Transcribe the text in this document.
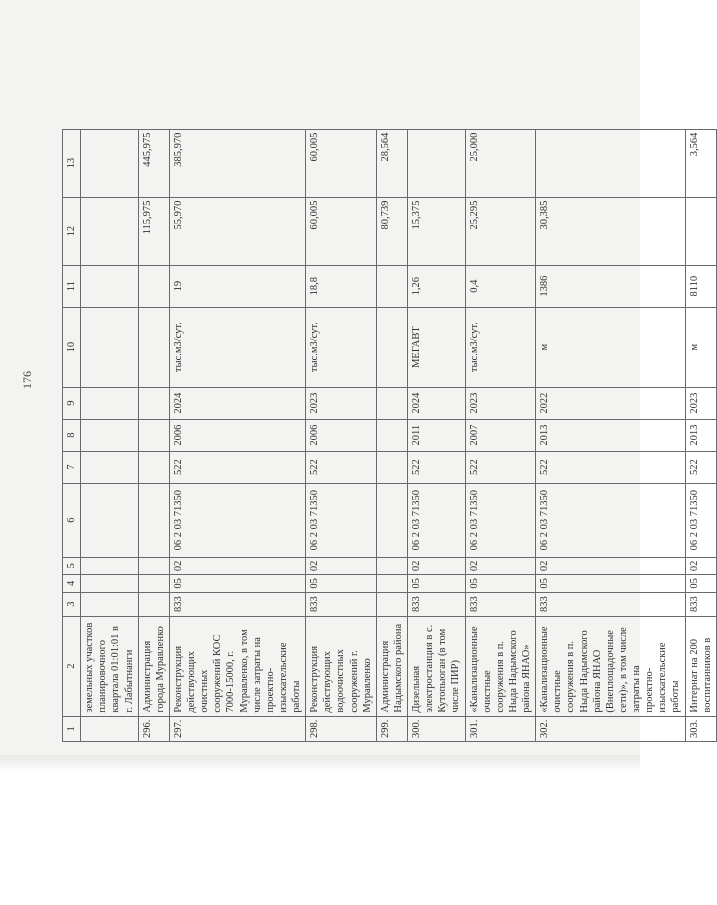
176
1	2	3	4	5	6	7	8	9	10	11	12	13
	земельных участков планировочного квартала 01:01:01 в г. Лабытнанги											
296.	Администрация города Муравленко										115,975	445,975
297.	Реконструкция действующих очистных сооружений КОС 7000-15000, г. Муравленко, в том числе затраты на проектно-изыскательские работы	833	05	02	06 2 03 71350	522	2006	2024	тыс.м3/сут.	19	55,970	385,970
298.	Реконструкция действующих водоочистных сооружений г. Муравленко	833	05	02	06 2 03 71350	522	2006	2023	тыс.м3/сут.	18,8	60,005	60,005
299.	Администрация Надымского района										80,739	28,564
300.	Дизельная электростанция в с. Кутопьюган (в том числе ПИР)	833	05	02	06 2 03 71350	522	2011	2024	МЕГАВТ	1,26	15,375	
301.	«Канализационные очистные сооружения в п. Ныда Надымского района ЯНАО»	833	05	02	06 2 03 71350	522	2007	2023	тыс.м3/сут.	0,4	25,295	25,000
302.	«Канализационные очистные сооружения в п. Ныда Надымского района ЯНАО (Внеплощадочные сети)», в том числе затраты на проектно-изыскательские работы	833	05	02	06 2 03 71350	522	2013	2022	м	1386	30,385	
303.	Интернат на 200 воспитанников в	833	05	02	06 2 03 71350	522	2013	2023	м	8110		3,564
